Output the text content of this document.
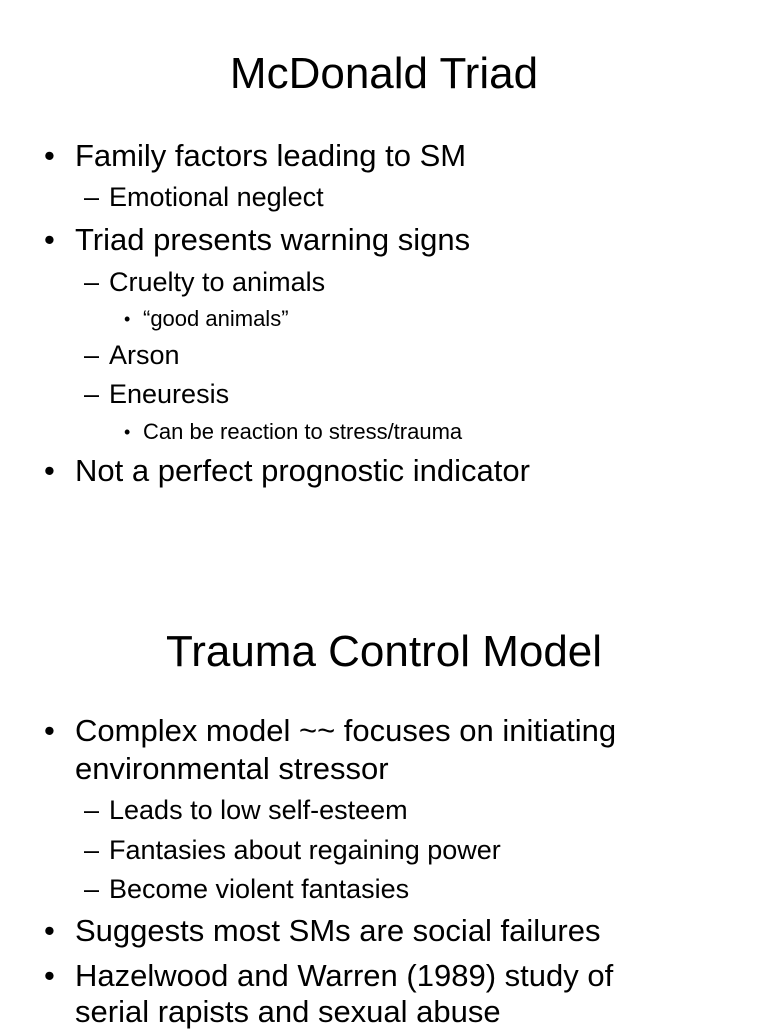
McDonald Triad
• Family factors leading to SM
– Emotional neglect
• Triad presents warning signs
– Cruelty to animals
• “good animals”
– Arson
– Eneuresis
• Can be reaction to stress/trauma
• Not a perfect prognostic indicator
Trauma Control Model
• Complex model ~~ focuses on initiating
environmental stressor
– Leads to low self-esteem
– Fantasies about regaining power
– Become violent fantasies
• Suggests most SMs are social failures
• Hazelwood and Warren (1989) study of
serial rapists and sexual abuse
